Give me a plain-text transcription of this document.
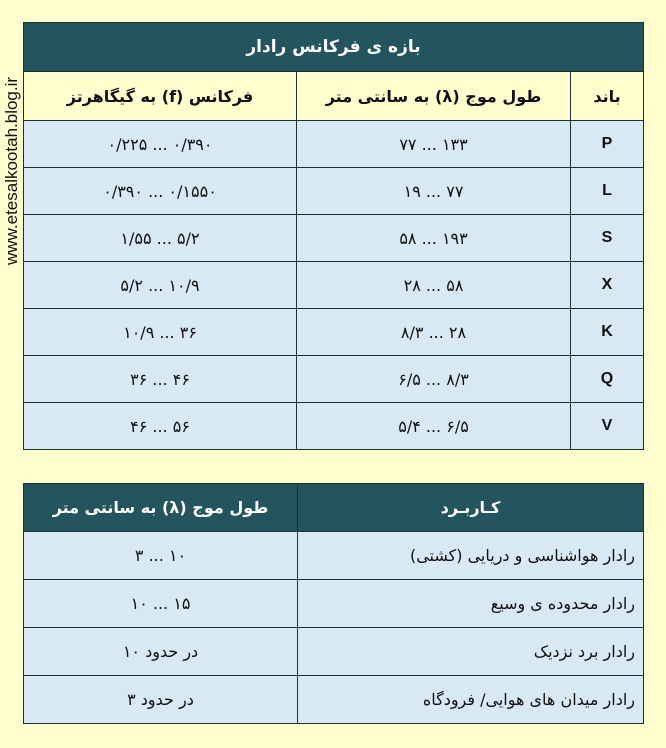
www.etesalkootah.blog.ir
بازه ی فرکانس رادار		
باند	طول موج (λ) به سانتی متر	فرکانس (f) به گیگاهرتز
P	۱۳۳ ... ۷۷	۰/۳۹۰ ... ۰/۲۲۵
L	۷۷ ... ۱۹	۰/۱۵۵۰ ... ۰/۳۹۰
S	۱۹۳ ... ۵۸	۵/۲ ... ۱/۵۵
X	۵۸ ... ۲۸	۱۰/۹ ... ۵/۲
K	۲۸ ... ۸/۳	۳۶ ... ۱۰/۹
Q	۸/۳ ... ۶/۵	۴۶ ... ۳۶
V	۶/۵ ... ۵/۴	۵۶ ... ۴۶
کـاربـرد	طول موج (λ) به سانتی متر
رادار هواشناسی و دریایی (کشتی)	۱۰ ... ۳
رادار محدوده ی وسیع	۱۵ ... ۱۰
رادار برد نزدیک	در حدود ۱۰
رادار میدان های هوایی/ فرودگاه	در حدود ۳
